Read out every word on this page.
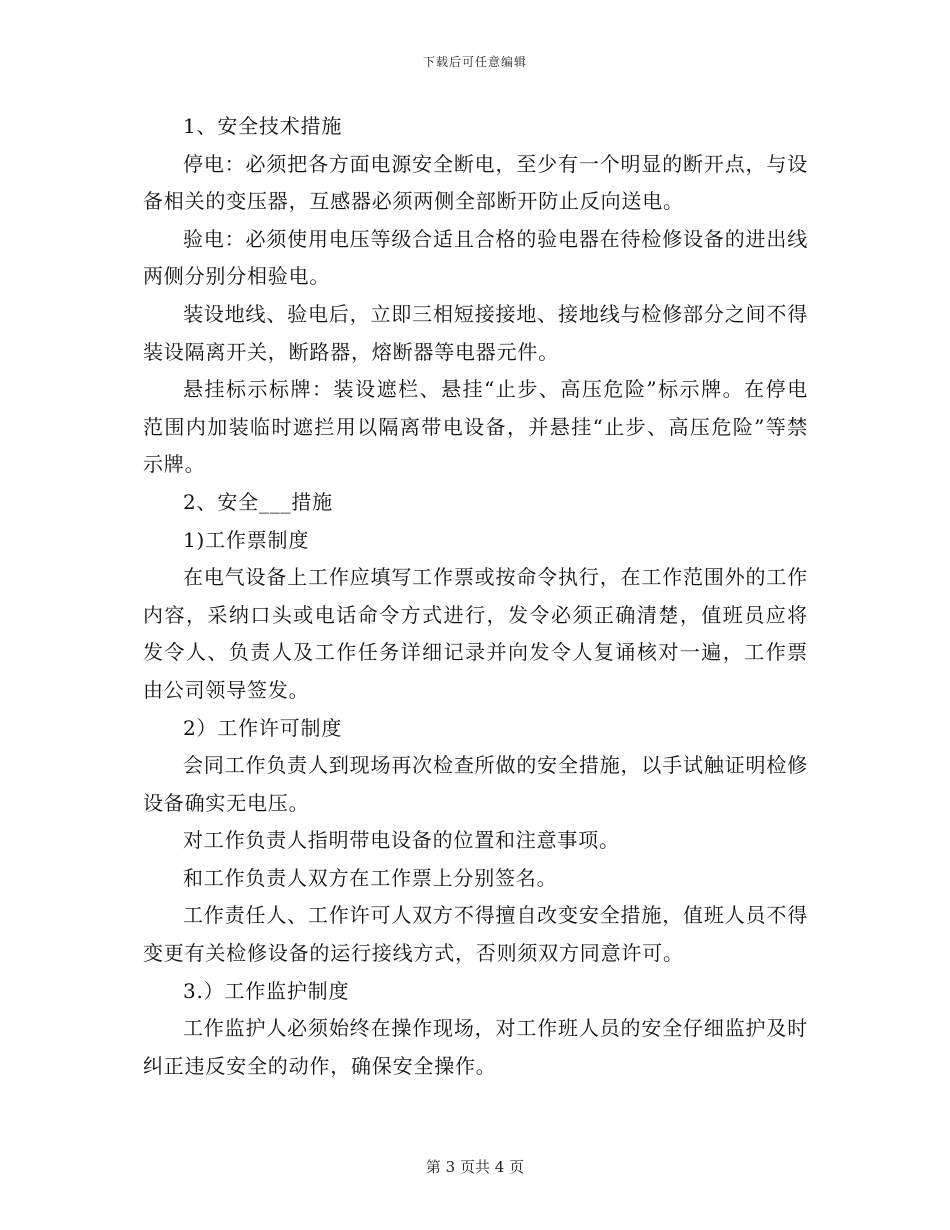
下载后可任意编辑

1、安全技术措施

停电：必须把各方面电源安全断电，至少有一个明显的断开点，与设备相关的变压器，互感器必须两侧全部断开防止反向送电。

验电：必须使用电压等级合适且合格的验电器在待检修设备的进出线两侧分别分相验电。

装设地线、验电后，立即三相短接接地、接地线与检修部分之间不得装设隔离开关，断路器，熔断器等电器元件。

悬挂标示标牌：装设遮栏、悬挂“止步、高压危险”标示牌。在停电范围内加装临时遮拦用以隔离带电设备，并悬挂“止步、高压危险”等禁示牌。

2、安全___措施

1)工作票制度

在电气设备上工作应填写工作票或按命令执行，在工作范围外的工作内容，采纳口头或电话命令方式进行，发令必须正确清楚，值班员应将发令人、负责人及工作任务详细记录并向发令人复诵核对一遍，工作票由公司领导签发。

2）工作许可制度

会同工作负责人到现场再次检查所做的安全措施，以手试触证明检修设备确实无电压。

对工作负责人指明带电设备的位置和注意事项。

和工作负责人双方在工作票上分别签名。

工作责任人、工作许可人双方不得擅自改变安全措施，值班人员不得变更有关检修设备的运行接线方式，否则须双方同意许可。

3.）工作监护制度

工作监护人必须始终在操作现场，对工作班人员的安全仔细监护及时纠正违反安全的动作，确保安全操作。

第 3 页共 4 页
